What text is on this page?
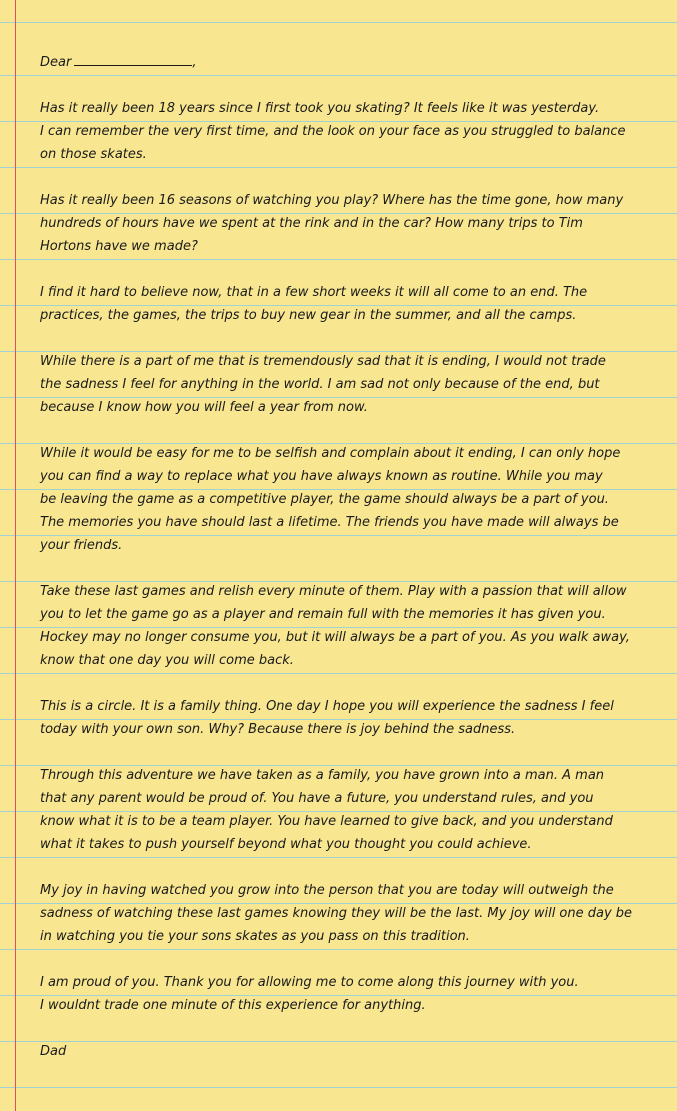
Dear	,

Has it really been 18 years since I first took you skating? It feels like it was yesterday.
I can remember the very first time, and the look on your face as you struggled to balance
on those skates.

Has it really been 16 seasons of watching you play? Where has the time gone, how many
hundreds of hours have we spent at the rink and in the car? How many trips to Tim
Hortons have we made?

I find it hard to believe now, that in a few short weeks it will all come to an end. The
practices, the games, the trips to buy new gear in the summer, and all the camps.

While there is a part of me that is tremendously sad that it is ending, I would not trade
the sadness I feel for anything in the world. I am sad not only because of the end, but
because I know how you will feel a year from now.

While it would be easy for me to be selfish and complain about it ending, I can only hope
you can find a way to replace what you have always known as routine. While you may
be leaving the game as a competitive player, the game should always be a part of you.
The memories you have should last a lifetime. The friends you have made will always be
your friends.

Take these last games and relish every minute of them. Play with a passion that will allow
you to let the game go as a player and remain full with the memories it has given you.
Hockey may no longer consume you, but it will always be a part of you. As you walk away,
know that one day you will come back.

This is a circle. It is a family thing. One day I hope you will experience the sadness I feel
today with your own son. Why? Because there is joy behind the sadness.

Through this adventure we have taken as a family, you have grown into a man. A man
that any parent would be proud of. You have a future, you understand rules, and you
know what it is to be a team player. You have learned to give back, and you understand
what it takes to push yourself beyond what you thought you could achieve.

My joy in having watched you grow into the person that you are today will outweigh the
sadness of watching these last games knowing they will be the last. My joy will one day be
in watching you tie your sons skates as you pass on this tradition.

I am proud of you. Thank you for allowing me to come along this journey with you.
I wouldnt trade one minute of this experience for anything.

Dad
